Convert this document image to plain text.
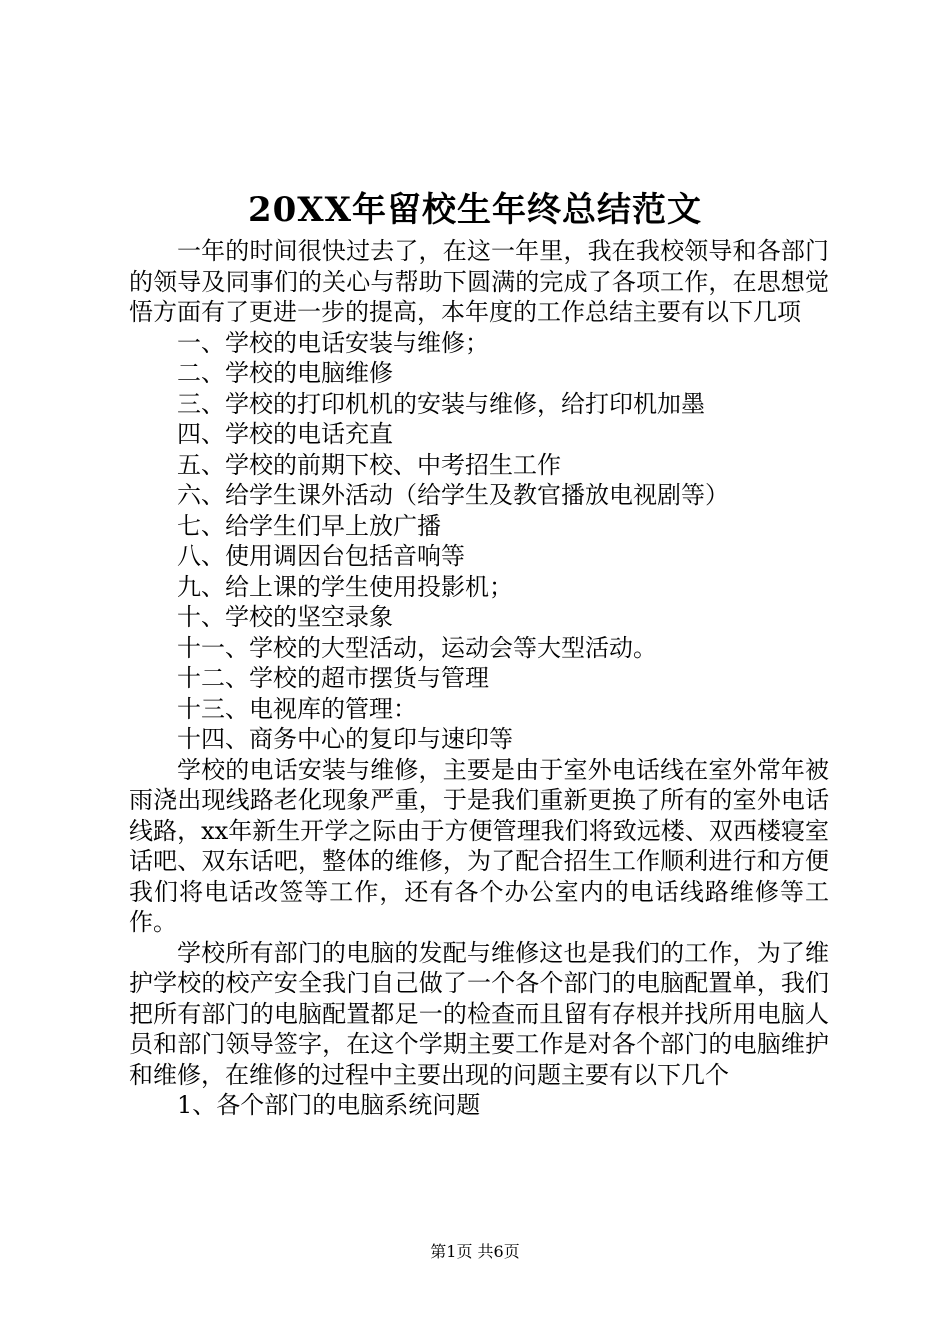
20XX年留校生年终总结范文

一年的时间很快过去了，在这一年里，我在我校领导和各部门的领导及同事们的关心与帮助下圆满的完成了各项工作，在思想觉悟方面有了更进一步的提高，本年度的工作总结主要有以下几项

一、学校的电话安装与维修；

二、学校的电脑维修

三、学校的打印机机的安装与维修，给打印机加墨

四、学校的电话充直

五、学校的前期下校、中考招生工作

六、给学生课外活动（给学生及教官播放电视剧等）

七、给学生们早上放广播

八、使用调因台包括音响等

九、给上课的学生使用投影机；

十、学校的坚空录象

十一、学校的大型活动，运动会等大型活动。

十二、学校的超市摆货与管理

十三、电视库的管理：

十四、商务中心的复印与速印等

学校的电话安装与维修，主要是由于室外电话线在室外常年被雨浇出现线路老化现象严重，于是我们重新更换了所有的室外电话线路，xx年新生开学之际由于方便管理我们将致远楼、双西楼寝室话吧、双东话吧，整体的维修，为了配合招生工作顺利进行和方便我们将电话改签等工作，还有各个办公室内的电话线路维修等工作。

学校所有部门的电脑的发配与维修这也是我们的工作，为了维护学校的校产安全我门自己做了一个各个部门的电脑配置单，我们把所有部门的电脑配置都足一的检查而且留有存根并找所用电脑人员和部门领导签字，在这个学期主要工作是对各个部门的电脑维护和维修，在维修的过程中主要出现的问题主要有以下几个

1、各个部门的电脑系统问题

第1页 共6页
